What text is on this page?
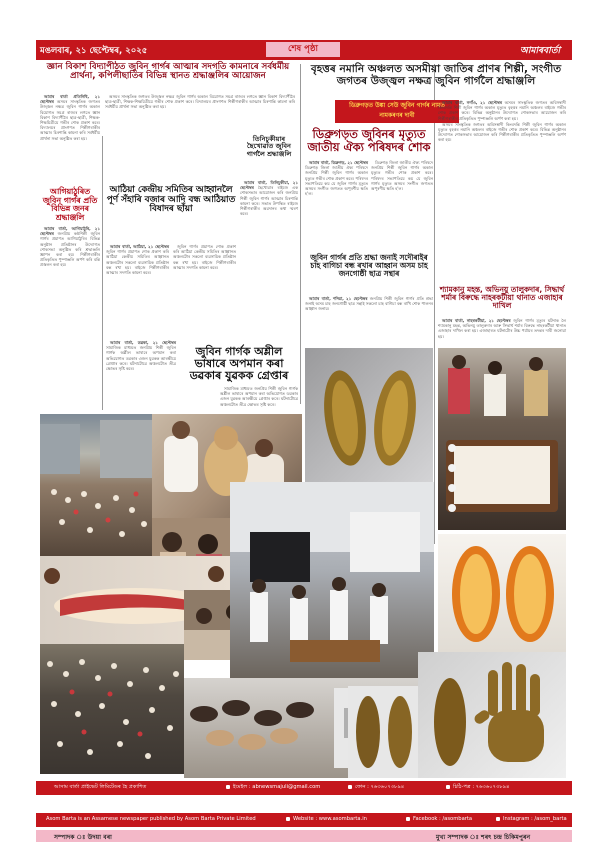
মঙলবাৰ, ২১ ছেপ্টেম্বৰ, ২০২৫	শেষ পৃষ্ঠা	আমাৰবাৰ্তা
জ্ঞান বিকাশ বিদ্যাপীঠত জুবিন গাৰ্গৰ আত্মাৰ সদগতি কামনাৰে সৰ্বধৰ্মীয় প্ৰাৰ্থনা, কপিলীছাতিৰ বিভিন্ন স্থানত শ্ৰদ্ধাঞ্জলিৰ আয়োজন

আমাৰ বাৰ্তা প্ৰতিনিধি, ২১ ছেপ্টেম্বৰ অসমৰ সাংস্কৃতিক জগতৰ উজ্জ্বল নক্ষত্ৰ জুবিন গাৰ্গৰ অকাল বিয়োগত সমগ্ৰ ৰাজ্যৰ লগতে জ্ঞান বিকাশ বিদ্যাপীঠৰ ছাত্ৰ-ছাত্ৰী, শিক্ষক-শিক্ষয়িত্ৰীয়ে গভীৰ শোক প্ৰকাশ কৰে। বিদ্যালয়ৰ প্ৰাংগণত শিল্পীগৰাকীৰ আত্মাৰ চিৰশান্তি কামনা কৰি সৰ্বধৰ্মীয় প্ৰাৰ্থনা সভা অনুষ্ঠিত কৰা হয়।

অসমৰ সাংস্কৃতিক জগতৰ উজ্জ্বল নক্ষত্ৰ জুবিন গাৰ্গৰ অকাল বিয়োগত সমগ্ৰ ৰাজ্যৰ লগতে জ্ঞান বিকাশ বিদ্যাপীঠৰ ছাত্ৰ-ছাত্ৰী, শিক্ষক-শিক্ষয়িত্ৰীয়ে গভীৰ শোক প্ৰকাশ কৰে। বিদ্যালয়ৰ প্ৰাংগণত শিল্পীগৰাকীৰ আত্মাৰ চিৰশান্তি কামনা কৰি সৰ্বধৰ্মীয় প্ৰাৰ্থনা সভা অনুষ্ঠিত কৰা হয়।

আগিয়াঠুৰিত জুবিন গাৰ্গৰ প্ৰতি বিভিন্ন জনৰ শ্ৰদ্ধাঞ্জলি

আমাৰ বাৰ্তা, আগিয়াঠুৰি, ২১ ছেপ্টেম্বৰ জনপ্ৰিয় কণ্ঠশিল্পী জুবিন গাৰ্গৰ প্ৰয়াণত আগিয়াঠুৰিৰ বিভিন্ন অনুষ্ঠান প্ৰতিষ্ঠানৰ উদ্যোগত শোকসভা অনুষ্ঠিত কৰি শ্ৰদ্ধাঞ্জলি জ্ঞাপন কৰা হয়। শিল্পীগৰাকীৰ প্ৰতিকৃতিত পুষ্পাঞ্জলি অৰ্পণ কৰি বন্তি প্ৰজ্বলন কৰা হয়।

তিনিচুকীয়াৰ ছৈখোৱাত জুবিন গাৰ্গলৈ শ্ৰদ্ধাঞ্জলি

আমাৰ বাৰ্তা, তিনিচুকীয়া, ২১ ছেপ্টেম্বৰ ছৈখোৱাৰ ৰাইজে এক শোকসভাৰ আয়োজন কৰি জনপ্ৰিয় শিল্পী জুবিন গাৰ্গৰ আত্মাৰ চিৰশান্তি কামনা কৰে। সভাত উপস্থিত ৰাইজে শিল্পীগৰাকীৰ অৱদানৰ কথা স্মৰণ কৰে।

আঠিয়া কেন্দ্ৰীয় সমিতিৰ আহ্বানলৈ পূৰ্ণ সঁহাৰি বজাৰ আদি বন্ধ আঠিয়াত বিষাদৰ ছাঁয়া

আমাৰ বাৰ্তা, আঠিয়া, ২১ ছেপ্টেম্বৰ জুবিন গাৰ্গৰ প্ৰয়াণত শোক প্ৰকাশ কৰি আঠিয়া কেন্দ্ৰীয় সমিতিৰ আহ্বানত অঞ্চলটোৰ সকলো ব্যৱসায়িক প্ৰতিষ্ঠান বন্ধ ৰখা হয়। ৰাইজে শিল্পীগৰাকীৰ আত্মাৰ সদগতি কামনা কৰে।

জুবিন গাৰ্গৰ প্ৰয়াণত শোক প্ৰকাশ কৰি আঠিয়া কেন্দ্ৰীয় সমিতিৰ আহ্বানত অঞ্চলটোৰ সকলো ব্যৱসায়িক প্ৰতিষ্ঠান বন্ধ ৰখা হয়। ৰাইজে শিল্পীগৰাকীৰ আত্মাৰ সদগতি কামনা কৰে।

আমাৰ বাৰ্তা, ডৱকা, ২১ ছেপ্টেম্বৰ সামাজিক মাধ্যমত জনপ্ৰিয় শিল্পী জুবিন গাৰ্গক অশ্লীল ভাষাৰে অপমান কৰা অভিযোগত ডৱকাৰ এজন যুৱকক আৰক্ষীয়ে গ্ৰেপ্তাৰ কৰে। ঘটনাটোৱে অঞ্চলটোত তীব্ৰ ক্ষোভৰ সৃষ্টি কৰে।

জুবিন গাৰ্গক অশ্লীল ভাষাৰে অপমান কৰা ডৱকাৰ যুৱকক গ্ৰেপ্তাৰ

সামাজিক মাধ্যমত জনপ্ৰিয় শিল্পী জুবিন গাৰ্গক অশ্লীল ভাষাৰে অপমান কৰা অভিযোগত ডৱকাৰ এজন যুৱকক আৰক্ষীয়ে গ্ৰেপ্তাৰ কৰে। ঘটনাটোৱে অঞ্চলটোত তীব্ৰ ক্ষোভৰ সৃষ্টি কৰে।

বৃহত্তৰ নমানি অঞ্চলত অসমীয়া জাতিৰ প্ৰাণৰ শিল্পী, সংগীত জগতৰ উজ্জ্বল নক্ষত্ৰ জুবিন গাৰ্গলৈ শ্ৰদ্ধাঞ্জলি
ডিব্ৰুগড়ত উঙ্কা সেউ জুবিন গাৰ্গৰ নামত
নামকৰণৰ দাবী

আমাৰ বাৰ্তা, নগাঁও, ২১ ছেপ্টেম্বৰ অসমৰ সাংস্কৃতিক জগতৰ অবিসম্বাদী কিংবদন্তি শিল্পী জুবিন গাৰ্গৰ অকাল মৃত্যুত বৃহত্তৰ নমানি অঞ্চলৰ ৰাইজে গভীৰ শোক প্ৰকাশ কৰে। বিভিন্ন অনুষ্ঠানৰ উদ্যোগত শোকসভাৰ আয়োজন কৰি শিল্পীগৰাকীৰ প্ৰতিকৃতিত পুষ্পাঞ্জলি অৰ্পণ কৰা হয়।

অসমৰ সাংস্কৃতিক জগতৰ অবিসম্বাদী কিংবদন্তি শিল্পী জুবিন গাৰ্গৰ অকাল মৃত্যুত বৃহত্তৰ নমানি অঞ্চলৰ ৰাইজে গভীৰ শোক প্ৰকাশ কৰে। বিভিন্ন অনুষ্ঠানৰ উদ্যোগত শোকসভাৰ আয়োজন কৰি শিল্পীগৰাকীৰ প্ৰতিকৃতিত পুষ্পাঞ্জলি অৰ্পণ কৰা হয়।

ডিব্ৰুগড়ত জুবিনৰ মৃত্যুত জাতীয় ঐক্য পৰিষদৰ শোক

আমাৰ বাৰ্তা, ডিব্ৰুগড়, ২১ ছেপ্টেম্বৰ ডিব্ৰুগড় জিলা জাতীয় ঐক্য পৰিষদে জনপ্ৰিয় শিল্পী জুবিন গাৰ্গৰ অকাল মৃত্যুত গভীৰ শোক প্ৰকাশ কৰে। পৰিষদৰ সভাপতিয়ে কয় যে জুবিন গাৰ্গৰ মৃত্যুত অসমৰ সংগীত জগতত অপূৰণীয় ক্ষতি হ'ল।

ডিব্ৰুগড় জিলা জাতীয় ঐক্য পৰিষদে জনপ্ৰিয় শিল্পী জুবিন গাৰ্গৰ অকাল মৃত্যুত গভীৰ শোক প্ৰকাশ কৰে। পৰিষদৰ সভাপতিয়ে কয় যে জুবিন গাৰ্গৰ মৃত্যুত অসমৰ সংগীত জগতত অপূৰণীয় ক্ষতি হ'ল।

জুবিন গাৰ্গৰ প্ৰতি শ্ৰদ্ধা জনাই সদৌৰাইৰ চাহ বাগিচা বন্ধ ৰখাৰ আহ্বান অসম চাহ জনগোষ্ঠী ছাত্ৰ সন্থাৰ

আমাৰ বাৰ্তা, শদিয়া, ২১ ছেপ্টেম্বৰ জনপ্ৰিয় শিল্পী জুবিন গাৰ্গৰ প্ৰতি শ্ৰদ্ধা জনাই অসম চাহ জনগোষ্ঠী ছাত্ৰ সন্থাই সকলো চাহ বাগিচা বন্ধ ৰাখি শোক পালনৰ আহ্বান জনায়।

শ্যামকানু মহন্ত, অভিনয়ু তালুকদাৰ, সিদ্ধাৰ্থ শৰ্মাৰ বিৰুদ্ধে নাহৰকটীয়া থানাত এজাহাৰ দাখিল

আমাৰ বাৰ্তা, নাহৰকটীয়া, ২১ ছেপ্টেম্বৰ জুবিন গাৰ্গৰ মৃত্যুৰ ঘটনাক লৈ শ্যামকানু মহন্ত, অভিনয়ু তালুকদাৰ আৰু সিদ্ধাৰ্থ শৰ্মাৰ বিৰুদ্ধে নাহৰকটীয়া থানাত এজাহাৰ দাখিল কৰা হয়। এজাহাৰত ঘটনাটোৰ উচ্চ পৰ্যায়ৰ তদন্তৰ দাবী জনোৱা হয়।

আসাম বাৰ্তা প্ৰাইভেট লিমিটেডৰ হৈ প্ৰকাশিত	ইমেইল : abnewsmajuli@gmail.com	ফোন : ৭৬৩৬০৭৩৮৯৪	চিঠি-পত্ৰ : ৭৬৩৬০৭৩৮৯৪
Asom Barta is an Assamese newspaper published by Asom Barta Private Limited	Website : www.asombarta.in	Facebook : /asombarta	Instagram : /asom_barta
সম্পাদক ঃ উদয়া বৰা	মুখ্য সম্পাদক ঃ শৰৎ চন্দ্ৰ চিকিমপুৰন
